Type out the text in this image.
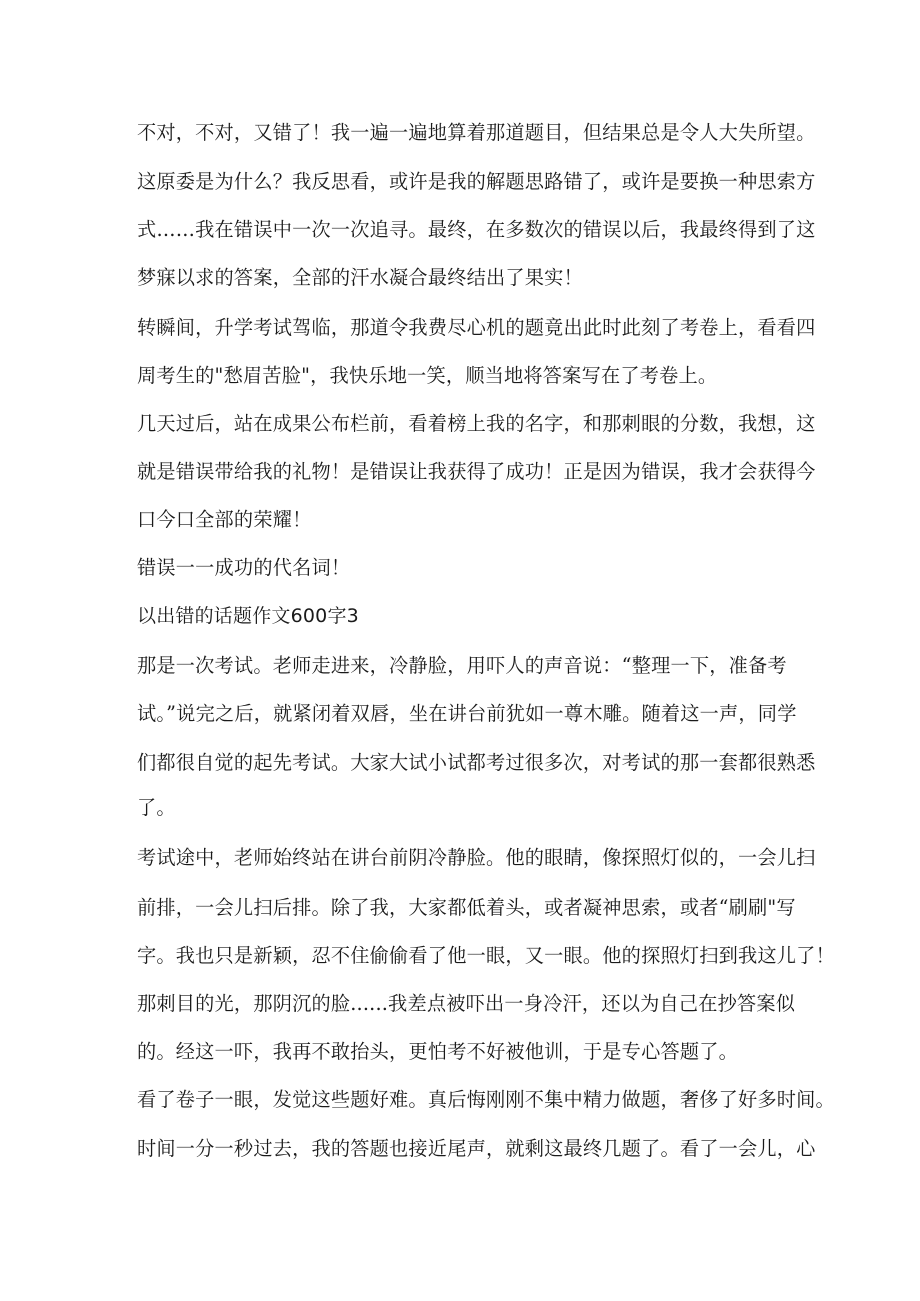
不对，不对，又错了！我一遍一遍地算着那道题目，但结果总是令人大失所望。
这原委是为什么？我反思看，或许是我的解题思路错了，或许是要换一种思索方
式……我在错误中一次一次追寻。最终，在多数次的错误以后，我最终得到了这
梦寐以求的答案，全部的汗水凝合最终结出了果实！
转瞬间，升学考试驾临，那道令我费尽心机的题竟出此时此刻了考卷上，看看四
周考生的"愁眉苦脸"，我快乐地一笑，顺当地将答案写在了考卷上。
几天过后，站在成果公布栏前，看着榜上我的名字，和那刺眼的分数，我想，这
就是错误带给我的礼物！是错误让我获得了成功！正是因为错误，我才会获得今
口今口全部的荣耀！
错误一一成功的代名词！
以出错的话题作文600字3
那是一次考试。老师走进来，冷静脸，用吓人的声音说：“整理一下，准备考
试。”说完之后，就紧闭着双唇，坐在讲台前犹如一尊木雕。随着这一声，同学
们都很自觉的起先考试。大家大试小试都考过很多次，对考试的那一套都很熟悉
了。
考试途中，老师始终站在讲台前阴冷静脸。他的眼睛，像探照灯似的，一会儿扫
前排，一会儿扫后排。除了我，大家都低着头，或者凝神思索，或者“刷刷"写
字。我也只是新颖，忍不住偷偷看了他一眼，又一眼。他的探照灯扫到我这儿了！
那刺目的光，那阴沉的脸......我差点被吓出一身冷汗，还以为自己在抄答案似
的。经这一吓，我再不敢抬头，更怕考不好被他训，于是专心答题了。
看了卷子一眼，发觉这些题好难。真后悔刚刚不集中精力做题，奢侈了好多时间。
时间一分一秒过去，我的答题也接近尾声，就剩这最终几题了。看了一会儿，心
